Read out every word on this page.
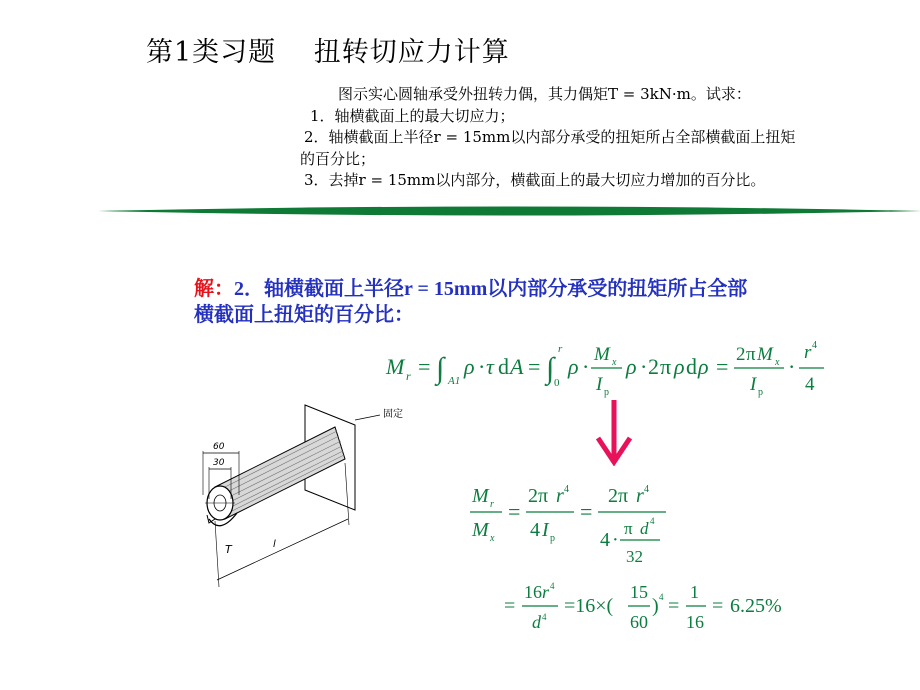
第1类习题　 扭转切应力计算
图示实心圆轴承受外扭转力偶，其力偶矩T = 3kN·m。试求：
1．轴横截面上的最大切应力；
2．轴横截面上半径r = 15mm以内部分承受的扭矩所占全部横截面上扭矩
的百分比；
3．去掉r = 15mm以内部分，横截面上的最大切应力增加的百分比。
解：2．轴横截面上半径r = 15mm以内部分承受的扭矩所占全部
横截面上扭矩的百分比：
M r = ∫ A1
ρ · τ d A = ∫
r
0
ρ · M x
I p
ρ · 2 π ρ d ρ = 2 π M x
I p
·
r 4
4
M r
M x
=
2π r 4
4 I p
=
2π r 4
4 ·
π d 4
32
=
16 r 4
d 4 =16×(
15
60
) 4 =
1
16
= 6.25%
固定
60
30
T	l
